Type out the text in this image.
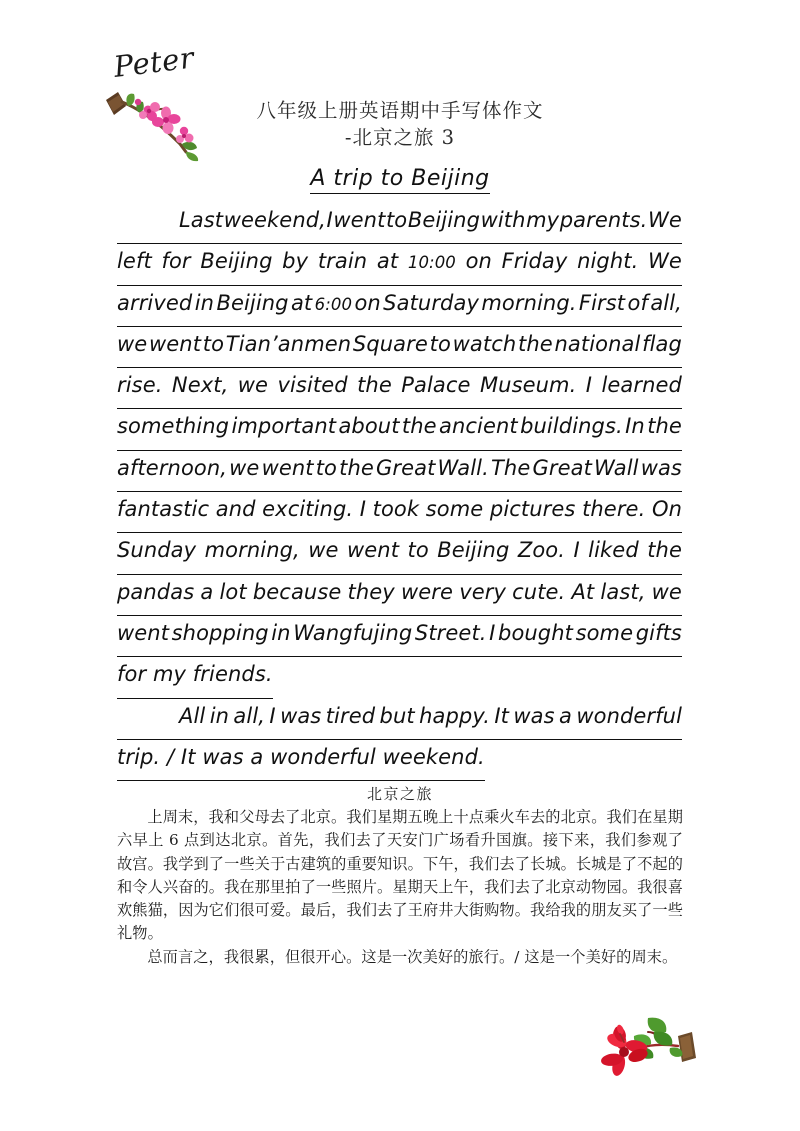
Peter
八年级上册英语期中手写体作文
-北京之旅 3
A trip to Beijing
Last weekend, I went to Beijing with my parents. We
left for Beijing by train at 10:00 on Friday night. We
arrived in Beijing at 6:00 on Saturday morning. First of all,
we went to Tian’anmen Square to watch the national flag
rise. Next, we visited the Palace Museum. I learned
something important about the ancient buildings. In the
afternoon, we went to the Great Wall. The Great Wall was
fantastic and exciting. I took some pictures there. On
Sunday morning, we went to Beijing Zoo. I liked the
pandas a lot because they were very cute. At last, we
went shopping in Wangfujing Street. I bought some gifts
for my friends.
All in all, I was tired but happy. It was a wonderful
trip. / It was a wonderful weekend.
北京之旅

上周末，我和父母去了北京。我们星期五晚上十点乘火车去的北京。我们在星期六早上 6 点到达北京。首先，我们去了天安门广场看升国旗。接下来，我们参观了故宫。我学到了一些关于古建筑的重要知识。下午，我们去了长城。长城是了不起的和令人兴奋的。我在那里拍了一些照片。星期天上午，我们去了北京动物园。我很喜欢熊猫，因为它们很可爱。最后，我们去了王府井大街购物。我给我的朋友买了一些礼物。

总而言之，我很累，但很开心。这是一次美好的旅行。/ 这是一个美好的周末。
